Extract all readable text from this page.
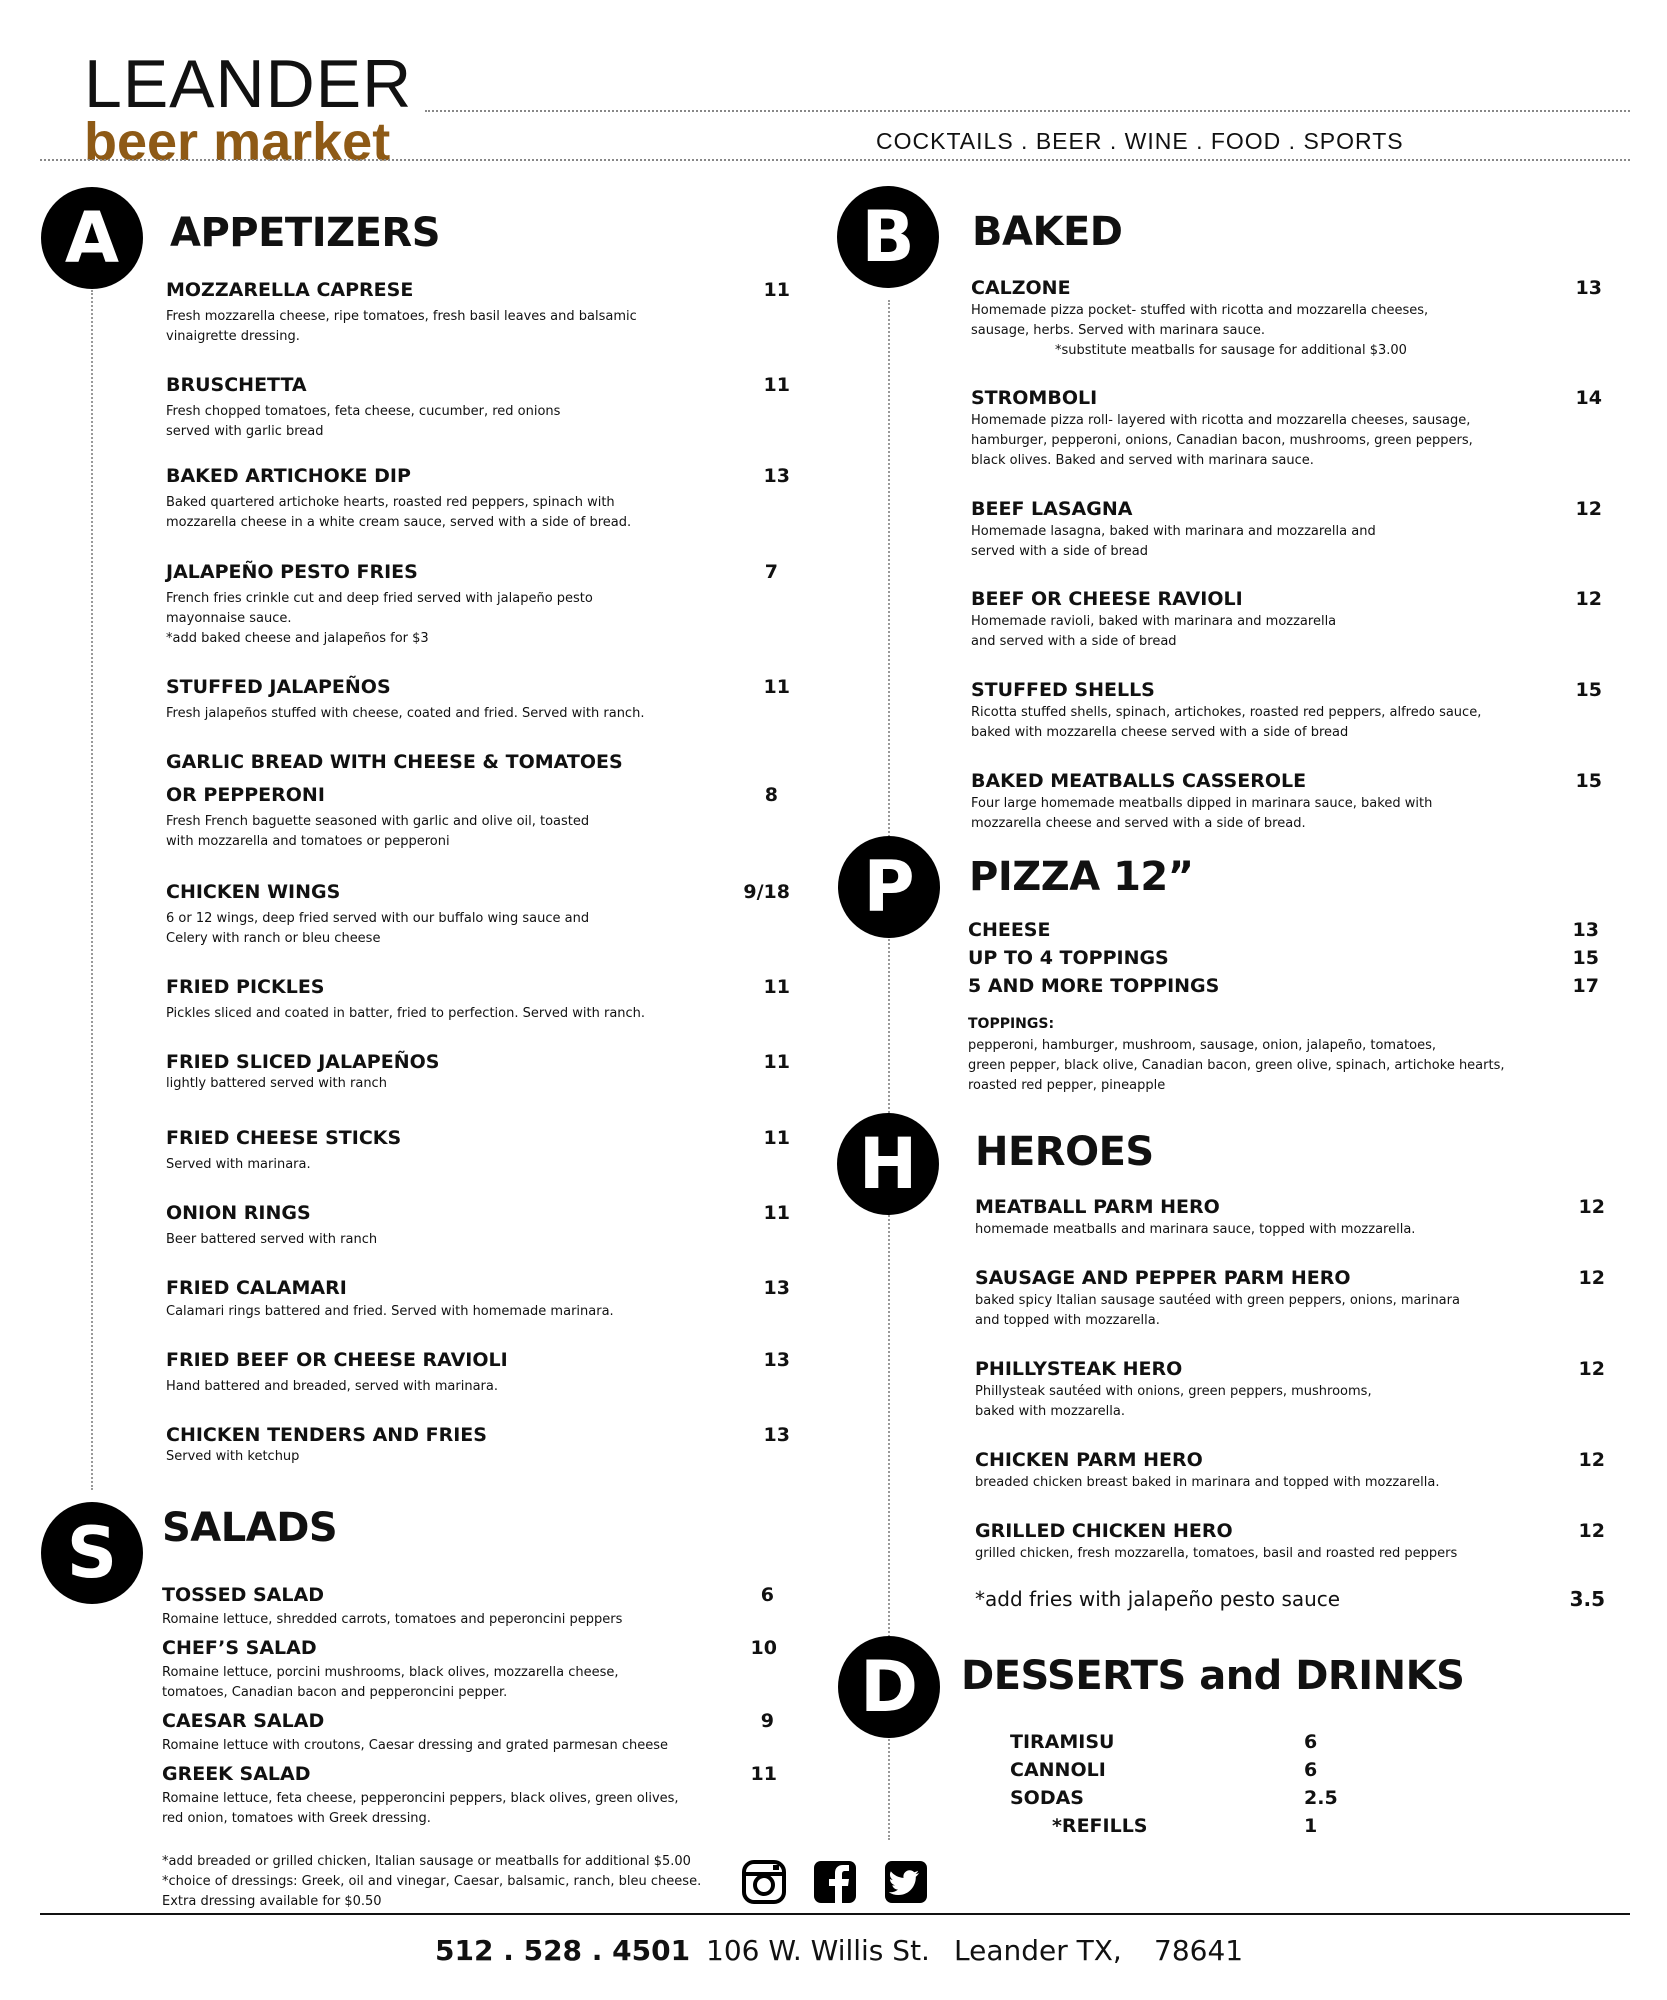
LEANDER
beer market	COCKTAILS . BEER . WINE . FOOD . SPORTS
A APPETIZERS
MOZZARELLA CAPRESE	11
Fresh mozzarella cheese, ripe tomatoes, fresh basil leaves and balsamic
vinaigrette dressing.
BRUSCHETTA	11
Fresh chopped tomatoes, feta cheese, cucumber, red onions
served with garlic bread
BAKED ARTICHOKE DIP	13
Baked quartered artichoke hearts, roasted red peppers, spinach with
mozzarella cheese in a white cream sauce, served with a side of bread.
JALAPEÑO PESTO FRIES	7
French fries crinkle cut and deep fried served with jalapeño pesto
mayonnaise sauce.
*add baked cheese and jalapeños for $3
STUFFED JALAPEÑOS	11
Fresh jalapeños stuffed with cheese, coated and fried. Served with ranch.
GARLIC BREAD WITH CHEESE & TOMATOES
OR PEPPERONI	8
Fresh French baguette seasoned with garlic and olive oil, toasted
with mozzarella and tomatoes or pepperoni
CHICKEN WINGS	9/18
6 or 12 wings, deep fried served with our buffalo wing sauce and
Celery with ranch or bleu cheese
FRIED PICKLES	11
Pickles sliced and coated in batter, fried to perfection. Served with ranch.
FRIED SLICED JALAPEÑOS	11
lightly battered served with ranch
FRIED CHEESE STICKS	11
Served with marinara.
ONION RINGS	11
Beer battered served with ranch
FRIED CALAMARI	13
Calamari rings battered and fried. Served with homemade marinara.
FRIED BEEF OR CHEESE RAVIOLI	13
Hand battered and breaded, served with marinara.
CHICKEN TENDERS AND FRIES	13
Served with ketchup
S SALADS
TOSSED SALAD	6
Romaine lettuce, shredded carrots, tomatoes and peperoncini peppers
CHEF’S SALAD	10
Romaine lettuce, porcini mushrooms, black olives, mozzarella cheese,
tomatoes, Canadian bacon and pepperoncini pepper.
CAESAR SALAD	9
Romaine lettuce with croutons, Caesar dressing and grated parmesan cheese
GREEK SALAD	11
Romaine lettuce, feta cheese, pepperoncini peppers, black olives, green olives,
red onion, tomatoes with Greek dressing.
*add breaded or grilled chicken, Italian sausage or meatballs for additional $5.00
*choice of dressings: Greek, oil and vinegar, Caesar, balsamic, ranch, bleu cheese.
Extra dressing available for $0.50
B BAKED
CALZONE	13
Homemade pizza pocket- stuffed with ricotta and mozzarella cheeses,
sausage, herbs. Served with marinara sauce.
*substitute meatballs for sausage for additional $3.00
STROMBOLI	14
Homemade pizza roll- layered with ricotta and mozzarella cheeses, sausage,
hamburger, pepperoni, onions, Canadian bacon, mushrooms, green peppers,
black olives. Baked and served with marinara sauce.
BEEF LASAGNA	12
Homemade lasagna, baked with marinara and mozzarella and
served with a side of bread
BEEF OR CHEESE RAVIOLI	12
Homemade ravioli, baked with marinara and mozzarella
and served with a side of bread
STUFFED SHELLS	15
Ricotta stuffed shells, spinach, artichokes, roasted red peppers, alfredo sauce,
baked with mozzarella cheese served with a side of bread
BAKED MEATBALLS CASSEROLE	15
Four large homemade meatballs dipped in marinara sauce, baked with
mozzarella cheese and served with a side of bread.
P PIZZA 12”
CHEESE	13
UP TO 4 TOPPINGS	15
5 AND MORE TOPPINGS	17
TOPPINGS:
pepperoni, hamburger, mushroom, sausage, onion, jalapeño, tomatoes,
green pepper, black olive, Canadian bacon, green olive, spinach, artichoke hearts,
roasted red pepper, pineapple
H HEROES
MEATBALL PARM HERO	12
homemade meatballs and marinara sauce, topped with mozzarella.
SAUSAGE AND PEPPER PARM HERO	12
baked spicy Italian sausage sautéed with green peppers, onions, marinara
and topped with mozzarella.
PHILLYSTEAK HERO	12
Phillysteak sautéed with onions, green peppers, mushrooms,
baked with mozzarella.
CHICKEN PARM HERO	12
breaded chicken breast baked in marinara and topped with mozzarella.
GRILLED CHICKEN HERO	12
grilled chicken, fresh mozzarella, tomatoes, basil and roasted red peppers
*add fries with jalapeño pesto sauce	3.5
D DESSERTS and DRINKS
TIRAMISU	6
CANNOLI	6
SODAS	2.5
*REFILLS	1
512 . 528 . 4501 106 W. Willis St. Leander TX, 78641
